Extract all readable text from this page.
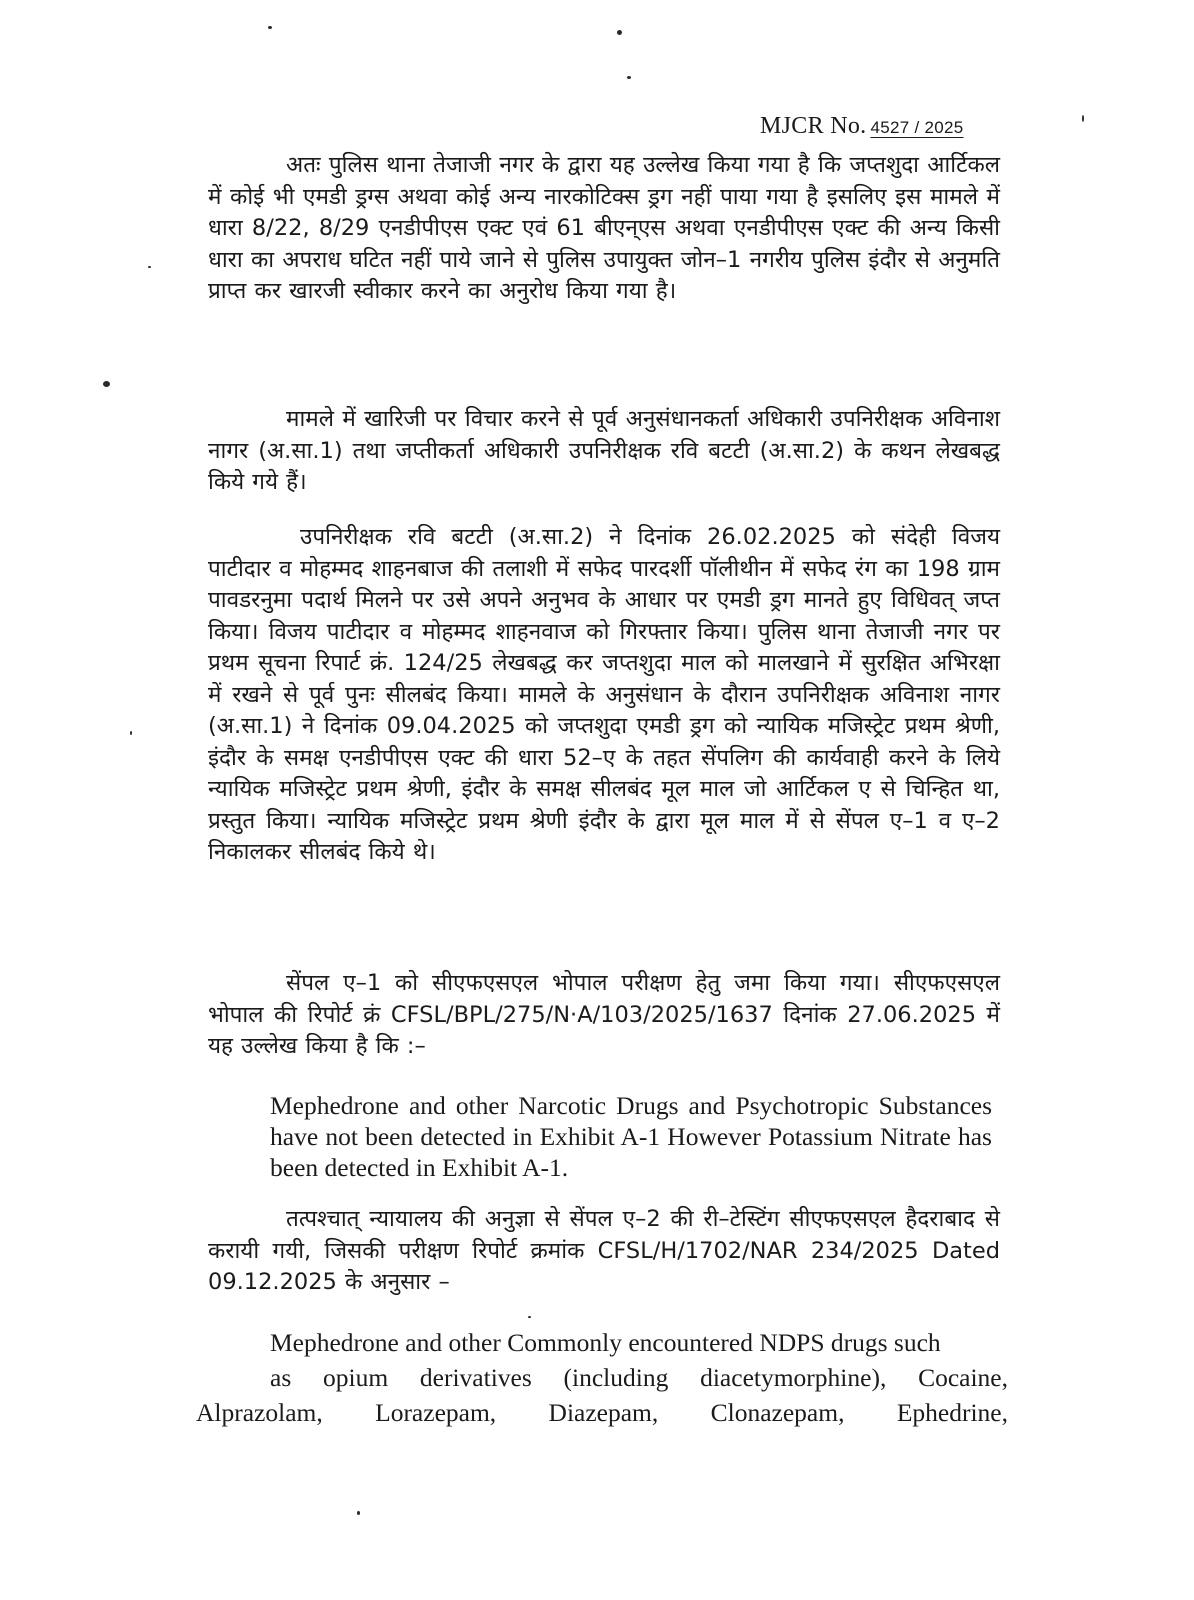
MJCR No. 4527 / 2025

अतः पुलिस थाना तेजाजी नगर के द्वारा यह उल्लेख किया गया है कि जप्तशुदा आर्टिकल में कोई भी एमडी ड्रग्स अथवा कोई अन्य नारकोटिक्स ड्रग नहीं पाया गया है इसलिए इस मामले में धारा 8/22, 8/29 एनडीपीएस एक्ट एवं 61 बीएन्‌एस अथवा एनडीपीएस एक्ट की अन्य किसी धारा का अपराध घटित नहीं पाये जाने से पुलिस उपायुक्त जोन–1 नगरीय पुलिस इंदौर से अनुमति प्राप्त कर खारजी स्वीकार करने का अनुरोध किया गया है।

मामले में खारिजी पर विचार करने से पूर्व अनुसंधानकर्ता अधिकारी उपनिरीक्षक अविनाश नागर (अ.सा.1) तथा जप्तीकर्ता अधिकारी उपनिरीक्षक रवि बटटी (अ.सा.2) के कथन लेखबद्ध किये गये हैं।

उपनिरीक्षक रवि बटटी (अ.सा.2) ने दिनांक 26.02.2025 को संदेही विजय पाटीदार व मोहम्मद शाहनबाज की तलाशी में सफेद पारदर्शी पॉलीथीन में सफेद रंग का 198 ग्राम पावडरनुमा पदार्थ मिलने पर उसे अपने अनुभव के आधार पर एमडी ड्रग मानते हुए विधिवत् जप्त किया। विजय पाटीदार व मोहम्मद शाहनवाज को गिरफ्तार किया। पुलिस थाना तेजाजी नगर पर प्रथम सूचना रिपार्ट क्रं. 124/25 लेखबद्ध कर जप्तशुदा माल को मालखाने में सुरक्षित अभिरक्षा में रखने से पूर्व पुनः सीलबंद किया। मामले के अनुसंधान के दौरान उपनिरीक्षक अविनाश नागर (अ.सा.1) ने दिनांक 09.04.2025 को जप्तशुदा एमडी ड्रग को न्यायिक मजिस्ट्रेट प्रथम श्रेणी, इंदौर के समक्ष एनडीपीएस एक्ट की धारा 52–ए के तहत सेंपलिग की कार्यवाही करने के लिये न्यायिक मजिस्ट्रेट प्रथम श्रेणी, इंदौर के समक्ष सीलबंद मूल माल जो आर्टिकल ए से चिन्हित था, प्रस्तुत किया। न्यायिक मजिस्ट्रेट प्रथम श्रेणी इंदौर के द्वारा मूल माल में से सेंपल ए–1 व ए–2 निकालकर सीलबंद किये थे।

सेंपल ए–1 को सीएफएसएल भोपाल परीक्षण हेतु जमा किया गया। सीएफएसएल भोपाल की रिपोर्ट क्रं CFSL/BPL/275/N·A/103/2025/1637 दिनांक 27.06.2025 में यह उल्लेख किया है कि :–

Mephedrone and other Narcotic Drugs and Psychotropic Substances have not been detected in Exhibit A-1 However Potassium Nitrate has been detected in Exhibit A-1.

तत्पश्चात् न्यायालय की अनुज्ञा से सेंपल ए–2 की री–टेस्टिंग सीएफएसएल हैदराबाद से करायी गयी, जिसकी परीक्षण रिपोर्ट क्रमांक CFSL/H/1702/NAR 234/2025 Dated 09.12.2025 के अनुसार –

Mephedrone and other Commonly encountered NDPS drugs such
as opium derivatives (including diacetymorphine), Cocaine,
Alprazolam, Lorazepam, Diazepam, Clonazepam, Ephedrine,
